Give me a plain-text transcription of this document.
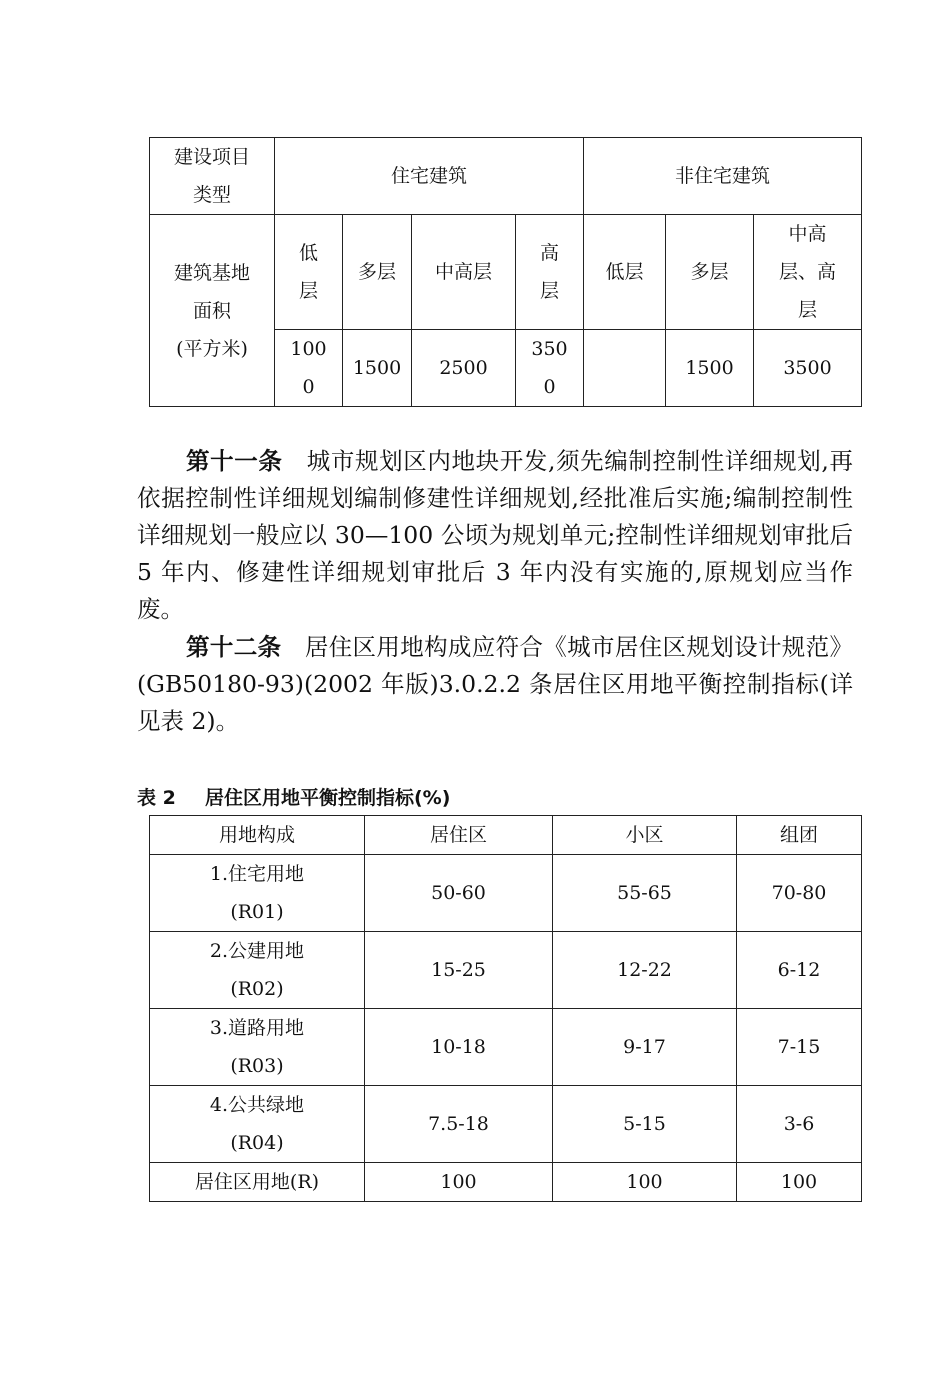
建设项目类型	住宅建筑				非住宅建筑		

建筑基地面积
(平方米)	低层	多层	中高层	高层	低层	多层	中高层、高层

	1000	1500	2500	3500		1500	3500

第十一条 城市规划区内地块开发,须先编制控制性详细规划,再依据控制性详细规划编制修建性详细规划,经批准后实施;编制控制性详细规划一般应以 30—100 公顷为规划单元;控制性详细规划审批后 5 年内、修建性详细规划审批后 3 年内没有实施的,原规划应当作废。

第十二条 居住区用地构成应符合《城市居住区规划设计规范》(GB50180-93)(2002 年版)3.0.2.2 条居住区用地平衡控制指标(详见表 2)。

表 2 居住区用地平衡控制指标(%)
用地构成	居住区	小区	组团

1.住宅用地
(R01)	50-60	55-65	70-80

2.公建用地
(R02)	15-25	12-22	6-12

3.道路用地
(R03)	10-18	9-17	7-15

4.公共绿地
(R04)	7.5-18	5-15	3-6
居住区用地(R)	100	100	100
